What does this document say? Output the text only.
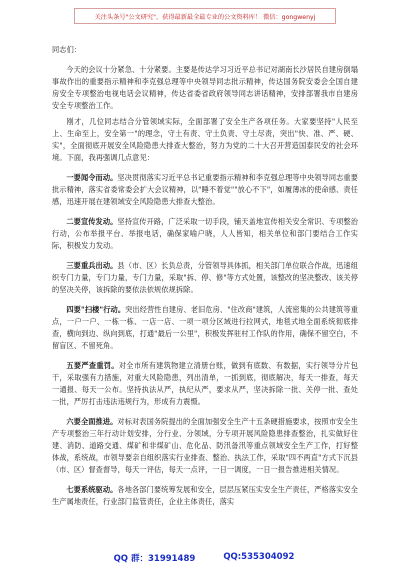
关注头条号"公文研究"，获得最新最全最专业的公文资料库！ 微信：gongwenyj

同志们：

今天的会议十分紧急、十分紧要。主要是传达学习习近平总书记对湖南长沙居民自建房倒塌事故作出的重要指示精神和李克强总理等中央领导同志批示精神，传达国务院安委会全国自建房安全专项整治电视电话会议精神，传达省委省政府领导同志讲话精神，安排部署我市自建房安全专项整治工作。

刚才，几位同志结合分管领域实际，全面部署了安全生产各项任务。大家要坚持"人民至上、生命至上，安全第一"的理念，守土有责、守土负责、守土尽责，突出"快、准、严、硬、实"，全面彻底开展安全风险隐患大排查大整治，努力为党的二十大召开营造国泰民安的社会环境。下面，我再强调几点意见：

一要闻令而动。坚决贯彻落实习近平总书记重要指示精神和李克强总理等中央领导同志重要批示精神，落实省委常委会扩大会议精神，以"睡不着觉""放心不下"，如履薄冰的使命感、责任感，迅速开展在建领域安全风险隐患大排查大整治。

二要宣传发动。坚持宣传开路，广泛采取一切手段，铺天盖地宣传相关安全常识、专项整治行动，公布举报平台、举报电话，确保家喻户晓，人人皆知，相关单位和部门要结合工作实际，积极发力发动。

三要重兵出动。县（市、区）长负总责，分管领导具体抓，相关部门单位联合作战，迅速组织专门力量，专门力量，专门力量，采取"拆、停、修"等方式处置，该整改的坚决整改、该关停的坚决关停，该拆除的要依法依规依规拆除。

四要"扫楼"行动。突出经营性自建房、老旧危房、"住改商"建筑，人流密集的公共建筑等重点，一户一户、一栋一栋、一店一店、一项一项分区域进行拉网式，地毯式地全面系统彻底排查，横向到边、纵向到底，打通"最后一公里"，积极发挥驻村工作队的作用，确保不留空白，不留盲区、不留死角。

五要严查重罚。对全市所有建筑物建立清册台账，做到有底数、有数据，实行领导分片包干，采取强有力措施，对重大风险隐患，列出清单，一抓到底，彻底解决，每天一排查，每天一通报、每天一公布。坚持执法从严，执纪从严，要求从严，坚决拆除一批、关停一批、查处一批，严厉打击违法违规行为，形成有力震慑。

六要全面推进。对标对表国务院提出的全面加强安全生产十五条硬措施要求，按照市安全生产专项整治三年行动计划安排，分行业、分领域，分专项开展风险隐患排查整治，扎实做好住建、消防、道路交通、煤矿和非煤矿山、危化品、防汛备汛等重点领域安全生产工作，打好整体战，系统战，市领导要亲自组织落实行业排查、整治、执法工作，采取"四不两直"方式下沉县（市、区）督查督导，每天一评估，每天一点评，一日一调度，一日一报告推进相关情况。

七要系统驱动。各地各部门要统筹发展和安全，层层压紧压实安全生产责任，严格落实安全生产属地责任，行业部门监管责任，企业主体责任，落实

QQ 群：31991489	QQ:535304092
